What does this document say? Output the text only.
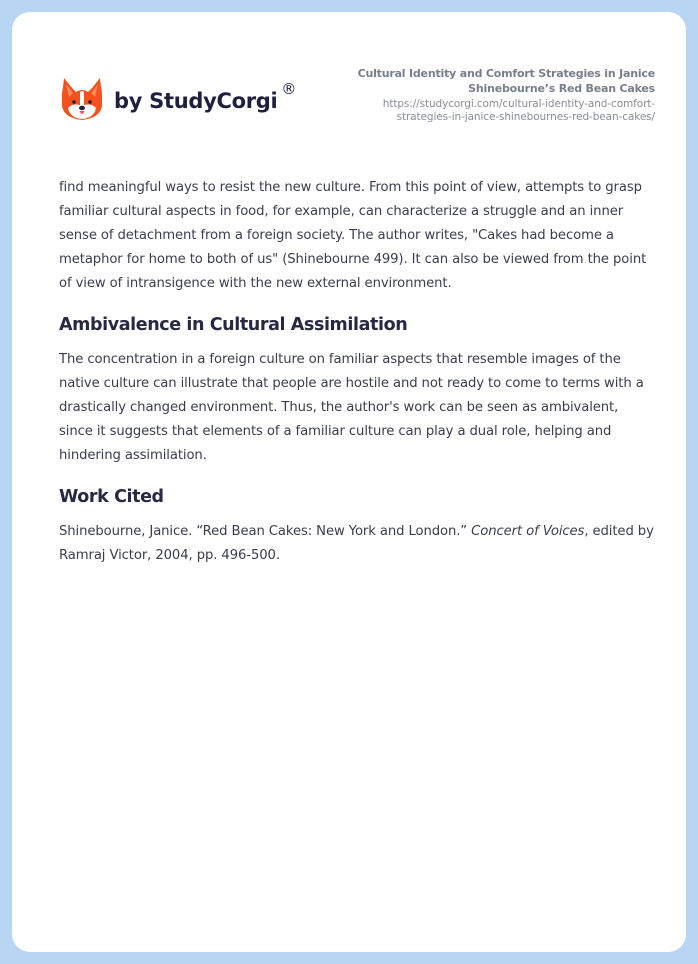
by StudyCorgi ®
Cultural Identity and Comfort Strategies in Janice Shinebourne’s Red Bean Cakes
https://studycorgi.com/cultural-identity-and-comfort-strategies-in-janice-shinebournes-red-bean-cakes/

find meaningful ways to resist the new culture. From this point of view, attempts to grasp familiar cultural aspects in food, for example, can characterize a struggle and an inner sense of detachment from a foreign society. The author writes, "Cakes had become a metaphor for home to both of us" (Shinebourne 499). It can also be viewed from the point of view of intransigence with the new external environment.

Ambivalence in Cultural Assimilation

The concentration in a foreign culture on familiar aspects that resemble images of the native culture can illustrate that people are hostile and not ready to come to terms with a drastically changed environment. Thus, the author's work can be seen as ambivalent, since it suggests that elements of a familiar culture can play a dual role, helping and hindering assimilation.

Work Cited

Shinebourne, Janice. “Red Bean Cakes: New York and London.” Concert of Voices, edited by Ramraj Victor, 2004, pp. 496-500.
